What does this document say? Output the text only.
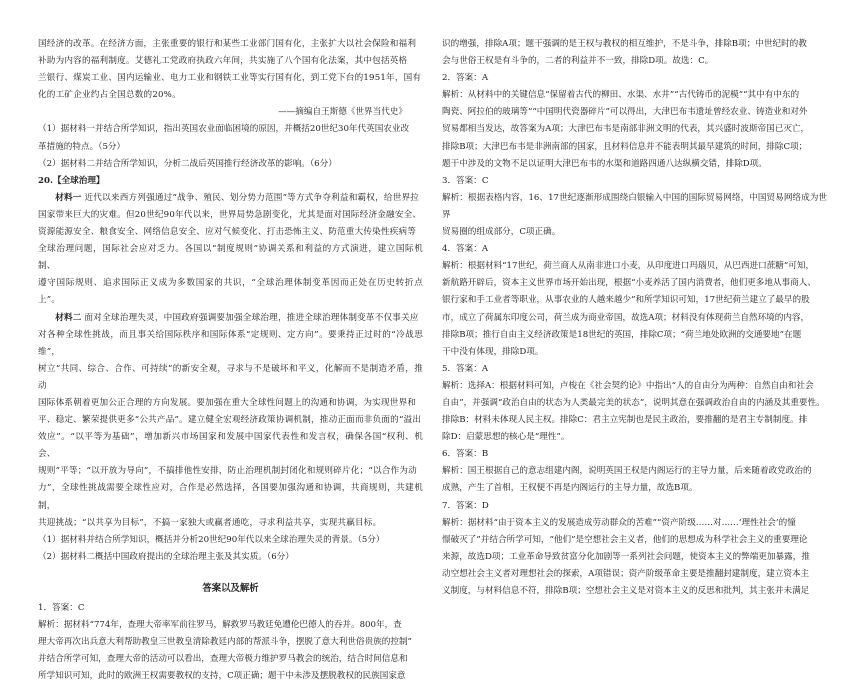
国经济的改革。在经济方面，主张重要的银行和某些工业部门国有化，主张扩大以社会保险和福利

补助为内容的福利制度。艾德礼工党政府执政六年间，共实施了八个国有化法案，其中包括英格

兰银行、煤炭工业、国内运输业、电力工业和钢铁工业等实行国有化，到工党下台的1951年，国有

化的工矿企业约占全国总数的20%。

——摘编自王斯德《世界当代史》

（1）据材料一并结合所学知识，指出英国农业面临困境的原因，并概括20世纪30年代英国农业改

革措施的特点。（5分）

（2）据材料二并结合所学知识，分析二战后英国推行经济改革的影响。（6分）

20.【全球治理】

材料一 近代以来西方列强通过“战争、殖民、划分势力范围”等方式争夺利益和霸权，给世界拉

国家带来巨大的灾难。但20世纪90年代以来，世界局势急剧变化，尤其是面对国际经济金融安全、

资源能源安全、粮食安全、网络信息安全、应对气候变化、打击恐怖主义、防范重大传染性疾病等

全球治理问题，国际社会应对乏力。各国以“制度规则”协调关系和利益的方式演进，建立国际机制、

遵守国际规则、追求国际正义成为多数国家的共识，“全球治理体制变革因而正处在历史转折点上”。

材料二 面对全球治理失灵，中国政府强调要加强全球治理，推进全球治理体制变革不仅事关应

对各种全球性挑战，而且事关给国际秩序和国际体系“定规则、定方向”。要秉持正过时的“冷战思维”，

树立“共同、综合、合作、可持续”的新安全观，寻求与不是破坏和平义，化解而不是制造矛盾，推动

国际体系朝着更加公正合理的方向发展。要加强在重大全球性问题上的沟通和协调，为实现世界和

平、稳定、繁荣提供更多“公共产品”。建立健全宏观经济政策协调机制，推动正面而非负面的“溢出

效应”。“以平等为基础”，增加新兴市场国家和发展中国家代表性和发言权，确保各国“权利、机会、

规则”平等；“以开放为导向”，不搞排他性安排，防止治理机制封闭化和规则碎片化；“以合作为动

力”，全球性挑战需要全球性应对，合作是必然选择，各国要加强沟通和协调，共商规则，共建机制，

共迎挑战；“以共享为目标”，不搞一家独大或赢者通吃，寻求利益共享，实现共赢目标。

（1）据材料并结合所学知识，概括并分析20世纪90年代以来全球治理失灵的背景。（5分）

（2）据材料二概括中国政府提出的全球治理主张及其实质。（6分）

答案以及解析

1．答案：C

解析：据材料“774年，查理大帝率军前往罗马，解救罗马教廷免遭伦巴德人的吞并。800年，查

理大帝再次出兵意大利帮助教皇三世教皇清除教廷内部的帮派斗争，摆脱了意大利世俗贵族的控制”

并结合所学可知，查理大帝的活动可以看出，查理大帝极力维护罗马教会的统治，结合时间信息和

所学知识可知，此时的欧洲王权需要教权的支持，C项正确；题干中未涉及摆脱教权的民族国家意

识的增强，排除A项；题干强调的是王权与教权的相互维护，不是斗争，排除B项；中世纪时的教

会与世俗王权是有斗争的，二者的利益并不一致，排除D项。故选：C。

2．答案：A

解析：从材料中的关键信息“保留着古代的柳田、水渠、水井”“古代铸币的泥模”“其中有中东的

陶瓷、阿拉伯的玻璃等”“中国明代瓷器碎片”可以得出，大津巴布韦遗址曾经农业、铸造业和对外

贸易都相当发达，故答案为A项；大津巴布韦是南部非洲文明的代表，其兴盛时波斯帝国已灭亡，

排除B项；大津巴布韦是非洲南部的国家，且材料信息并不能表明其最早建筑的时间，排除C项；

题干中涉及的文物不足以证明大津巴布韦的水渠和道路四通八达纵横交错，排除D项。

3．答案：C

解析：根据表格内容，16、17世纪逐渐形成围绕白银输入中国的国际贸易网络，中国贸易网络成为世界

贸易圈的组成部分，C项正确。

4．答案：A

解析：根据材料“17世纪，荷兰商人从南非进口小麦，从印度进口玛瑙贝，从巴西进口蔗糖”可知，

新航路开辟后，资本主义世界市场开始出现，根据“小麦养活了国内消费者，他们更多地从事商人、

银行家和手工业者等职业，从事农业的人越来越少”和所学知识可知，17世纪荷兰建立了最早的股

市，成立了荷属东印度公司，荷兰成为商业帝国，故选A项；材料没有体现荷兰自然环境的内容，

排除B项；推行自由主义经济政策是18世纪的英国，排除C项；“荷兰地处欧洲的交通要地”在题

干中没有体现，排除D项。

5．答案：A

解析：选择A：根据材料可知，卢梭在《社会契约论》中指出“人的自由分为两种：自然自由和社会

自由”，并强调“政治自由的状态为人类最完美的状态”，说明其意在强调政治自由的内涵及其重要性。

排除B：材料未体现人民主权。排除C：君主立宪制也是民主政治，要推翻的是君主专制制度。排

除D：启蒙思想的核心是“理性”。

6．答案：B

解析：国王根据自己的意志组建内阁，说明英国王权是内阁运行的主导力量，后来随着政党政治的

成熟，产生了首相，王权便不再是内阁运行的主导力量，故选B项。

7．答案：D

解析：据材料“由于资本主义的发展造成劳动群众的苦难”“资产阶级……对……‘理性社会’的憧

憬破灭了”并结合所学可知，“他们”是空想社会主义者，他们的思想成为科学社会主义的重要理论

来源，故选D项；工业革命导致贫富分化加剧等一系列社会问题，使资本主义的弊端更加暴露，推

动空想社会主义者对理想社会的探索，A项错误；资产阶级革命主要是推翻封建制度，建立资本主

义制度，与材料信息不符，排除B项；空想社会主义是对资本主义的反思和批判，其主张并未满足
